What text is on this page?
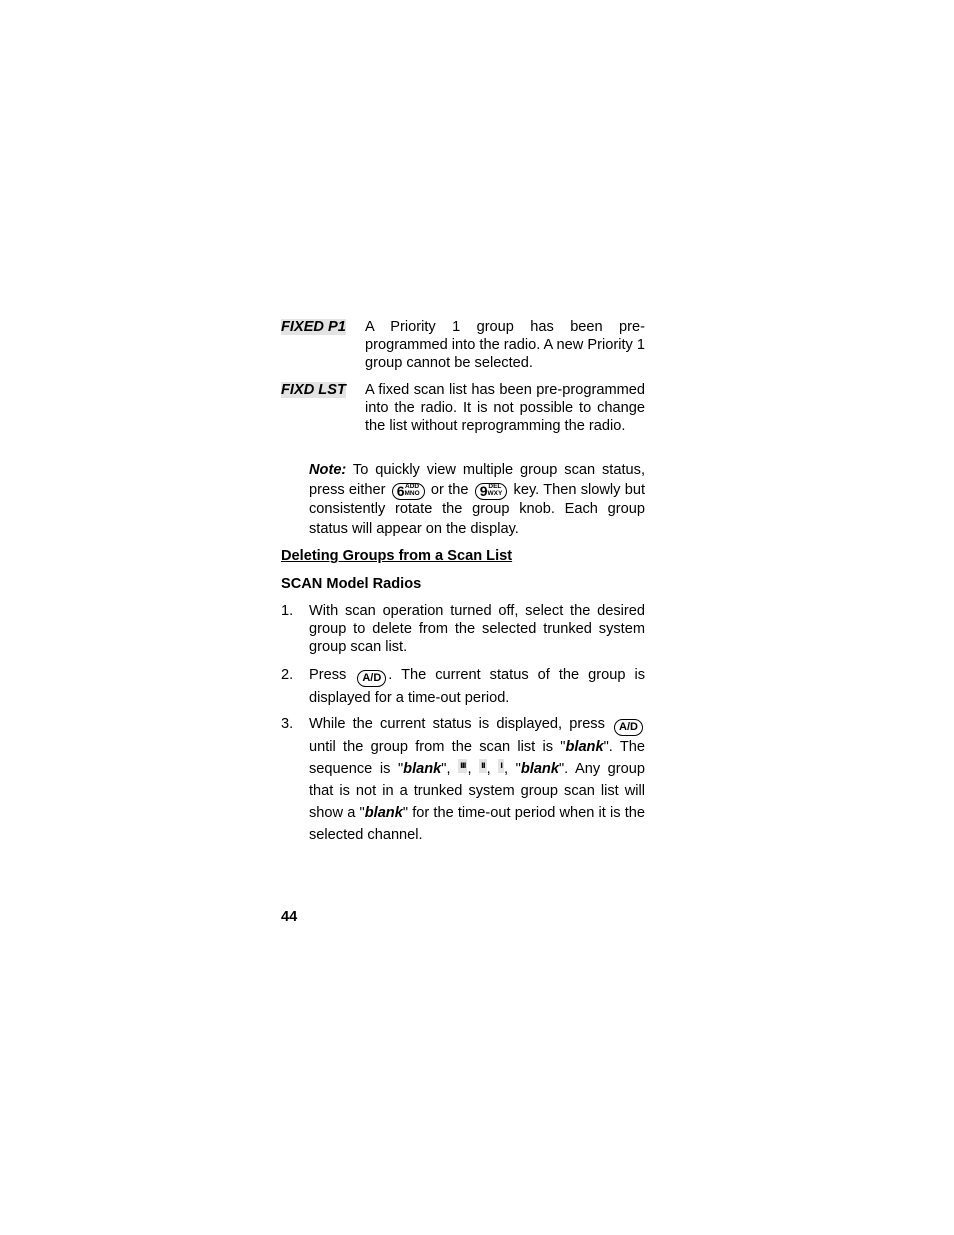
FIXED P1	A Priority 1 group has been pre-programmed into the radio. A new Priority 1 group cannot be selected.
FIXD LST	A fixed scan list has been pre-programmed into the radio. It is not possible to change the list without reprogramming the radio.
Note: To quickly view multiple group scan status, press either 6ADD
MNO or the 9DEL
WXY key. Then slowly but consistently rotate the group knob. Each group status will appear on the display.
Deleting Groups from a Scan List
SCAN Model Radios
1.	With scan operation turned off, select the desired group to delete from the selected trunked system group scan list.
2.	Press A/D . The current status of the group is displayed for a time-out period.
3.	While the current status is displayed, press A/D until the group from the scan list is "blank". The sequence is "blank", ııı , ıı , ı , "blank". Any group that is not in a trunked system group scan list will show a "blank" for the time-out period when it is the selected channel.
44
